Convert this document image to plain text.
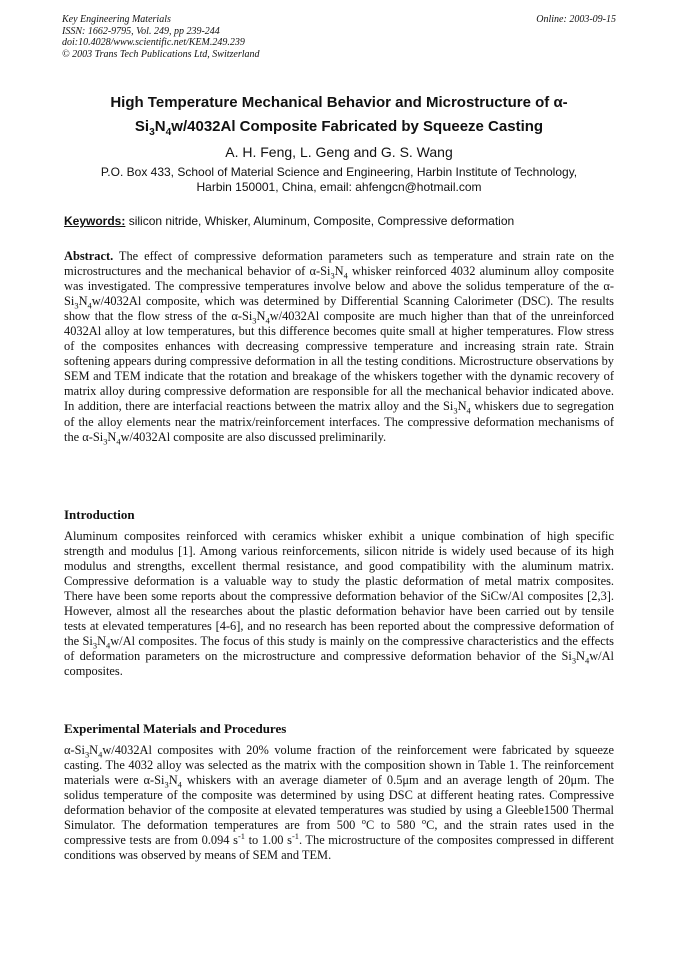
Key Engineering Materials
ISSN: 1662-9795, Vol. 249, pp 239-244
doi:10.4028/www.scientific.net/KEM.249.239
© 2003 Trans Tech Publications Ltd, Switzerland
Online: 2003-09-15
High Temperature Mechanical Behavior and Microstructure of α-
$Si_3N_4w/4032Al$ Composite Fabricated by Squeeze Casting
A. H. Feng, L. Geng and G. S. Wang
P.O. Box 433, School of Material Science and Engineering, Harbin Institute of Technology,
Harbin 150001, China, email: ahfengcn@hotmail.com
Keywords: silicon nitride, Whisker, Aluminum, Composite, Compressive deformation
Abstract. The effect of compressive deformation parameters such as temperature and strain rate on the microstructures and the mechanical behavior of $\alpha-Si_3N_4$ whisker reinforced 4032 aluminum alloy composite was investigated. The compressive temperatures involve below and above the solidus temperature of the $\alpha-Si_3N_4w/4032Al$ composite, which was determined by Differential Scanning Calorimeter (DSC). The results show that the flow stress of the $\alpha-Si_3N_4w/4032Al$ composite are much higher than that of the unreinforced 4032Al alloy at low temperatures, but this difference becomes quite small at higher temperatures. Flow stress of the composites enhances with decreasing compressive temperature and increasing strain rate. Strain softening appears during compressive deformation in all the testing conditions. Microstructure observations by SEM and TEM indicate that the rotation and breakage of the whiskers together with the dynamic recovery of matrix alloy during compressive deformation are responsible for all the mechanical behavior indicated above. In addition, there are interfacial reactions between the matrix alloy and the $Si_3N_4$ whiskers due to segregation of the alloy elements near the matrix/reinforcement interfaces. The compressive deformation mechanisms of the $\alpha-Si_3N_4w/4032Al$ composite are also discussed preliminarily.
Introduction
Aluminum composites reinforced with ceramics whisker exhibit a unique combination of high specific strength and modulus [1]. Among various reinforcements, silicon nitride is widely used because of its high modulus and strengths, excellent thermal resistance, and good compatibility with the aluminum matrix. Compressive deformation is a valuable way to study the plastic deformation of metal matrix composites. There have been some reports about the compressive deformation behavior of the SiCw/Al composites [2,3]. However, almost all the researches about the plastic deformation behavior have been carried out by tensile tests at elevated temperatures [4-6], and no research has been reported about the compressive deformation of the $Si_3N_4w/Al$ composites. The focus of this study is mainly on the compressive characteristics and the effects of deformation parameters on the microstructure and compressive deformation behavior of the $Si_3N_4w/Al$ composites.
Experimental Materials and Procedures
$\alpha-Si_3N_4w/4032Al$ composites with 20% volume fraction of the reinforcement were fabricated by squeeze casting. The 4032 alloy was selected as the matrix with the composition shown in Table 1. The reinforcement materials were $\alpha-Si_3N_4$ whiskers with an average diameter of 0.5μm and an average length of 20μm. The solidus temperature of the composite was determined by using DSC at different heating rates. Compressive deformation behavior of the composite at elevated temperatures was studied by using a Gleeble1500 Thermal Simulator. The deformation temperatures are from 500 $^o$C to 580 $^o$C, and the strain rates used in the compressive tests are from 0.094 $s^{-1}$ to 1.00 $s^{-1}$. The microstructure of the composites compressed in different conditions was observed by means of SEM and TEM.
